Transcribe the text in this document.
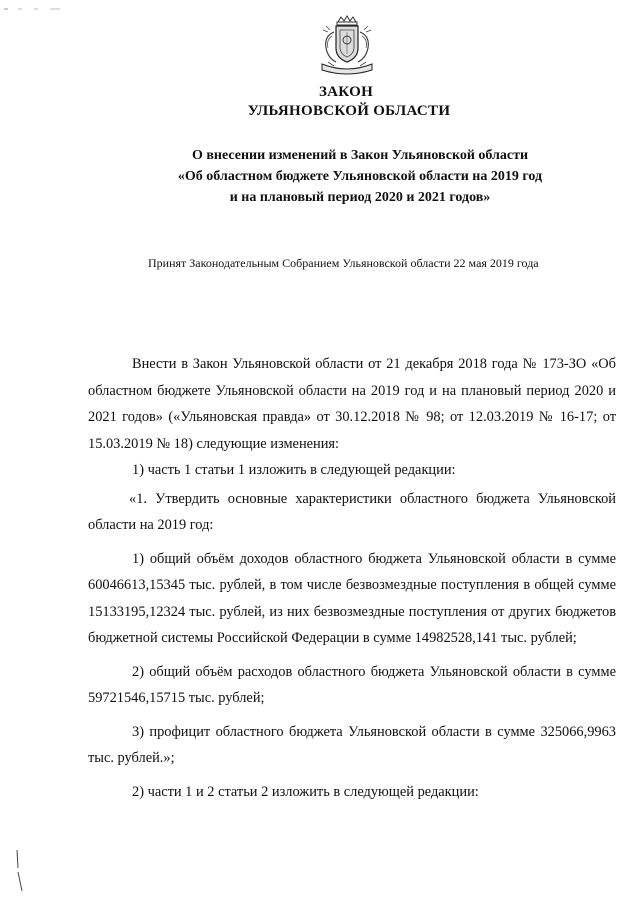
ЗАКОН
УЛЬЯНОВСКОЙ ОБЛАСТИ
О внесении изменений в Закон Ульяновской области
«Об областном бюджете Ульяновской области на 2019 год
и на плановый период 2020 и 2021 годов»
Принят Законодательным Собранием Ульяновской области 22 мая 2019 года

Внести в Закон Ульяновской области от 21 декабря 2018 года № 173-ЗО «Об областном бюджете Ульяновской области на 2019 год и на плановый период 2020 и 2021 годов» («Ульяновская правда» от 30.12.2018 № 98; от 12.03.2019 № 16-17; от 15.03.2019 № 18) следующие изменения:

1) часть 1 статьи 1 изложить в следующей редакции:

«1. Утвердить основные характеристики областного бюджета Ульяновской области на 2019 год:

1) общий объём доходов областного бюджета Ульяновской области в сумме 60046613,15345 тыс. рублей, в том числе безвозмездные поступления в общей сумме 15133195,12324 тыс. рублей, из них безвозмездные поступления от других бюджетов бюджетной системы Российской Федерации в сумме 14982528,141 тыс. рублей;

2) общий объём расходов областного бюджета Ульяновской области в сумме 59721546,15715 тыс. рублей;

3) профицит областного бюджета Ульяновской области в сумме 325066,9963 тыс. рублей.»;

2) части 1 и 2 статьи 2 изложить в следующей редакции:
